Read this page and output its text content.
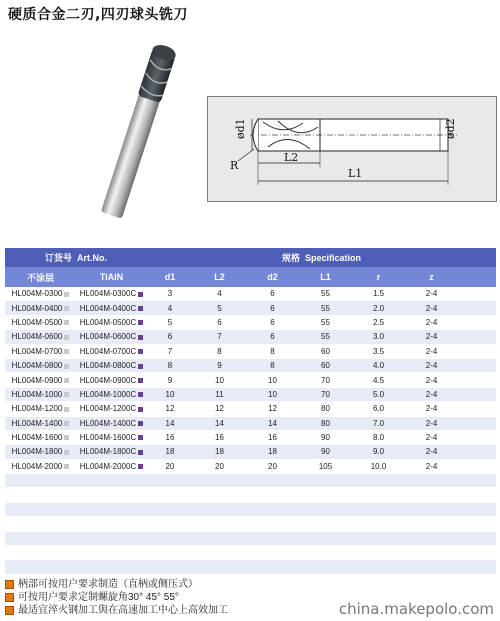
硬质合金二刃,四刃球头铣刀
ød1	ød2
R
L2
L1
订货号 Art.No.		规格 Specification						
不涂层	TiAlN	d1	L2	d2	L1	r	z	
HL004M-0300	HL004M-0300C	3	4	6	55	1.5	2-4	
HL004M-0400	HL004M-0400C	4	5	6	55	2.0	2-4	
HL004M-0500	HL004M-0500C	5	6	6	55	2.5	2-4	
HL004M-0600	HL004M-0600C	6	7	6	55	3.0	2-4	
HL004M-0700	HL004M-0700C	7	8	8	60	3.5	2-4	
HL004M-0800	HL004M-0800C	8	9	8	60	4.0	2-4	
HL004M-0900	HL004M-0900C	9	10	10	70	4.5	2-4	
HL004M-1000	HL004M-1000C	10	11	10	70	5.0	2-4	
HL004M-1200	HL004M-1200C	12	12	12	80	6.0	2-4	
HL004M-1400	HL004M-1400C	14	14	14	80	7.0	2-4	
HL004M-1600	HL004M-1600C	16	16	16	90	8.0	2-4	
HL004M-1800	HL004M-1800C	18	18	18	90	9.0	2-4	
HL004M-2000	HL004M-2000C	20	20	20	105	10.0	2-4	

柄部可按用户要求制造（直柄或侧压式）
可按用户要求定制螺旋角30° 45° 55°
最适宜淬火钢加工與在高速加工中心上高效加工	china.makepolo.com
